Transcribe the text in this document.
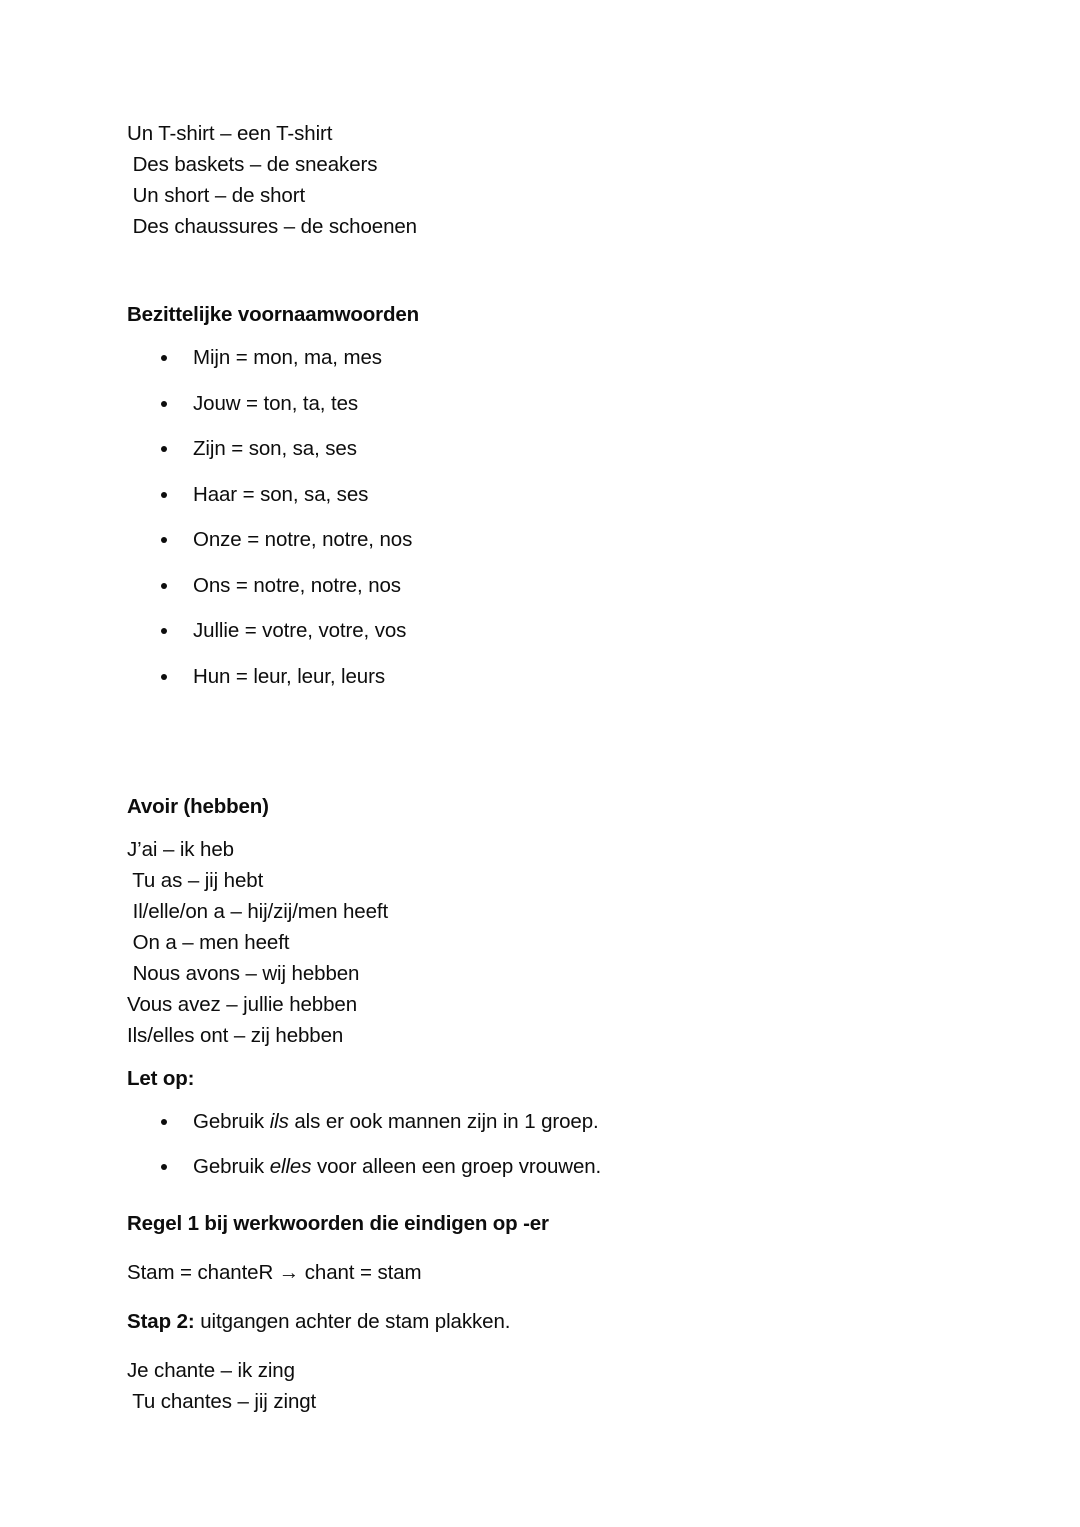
Un T-shirt – een T-shirt
Des baskets – de sneakers
Un short – de short
Des chaussures – de schoenen
Bezittelijke voornaamwoorden
Mijn = mon, ma, mes
Jouw = ton, ta, tes
Zijn = son, sa, ses
Haar = son, sa, ses
Onze = notre, notre, nos
Ons = notre, notre, nos
Jullie = votre, votre, vos
Hun = leur, leur, leurs
Avoir (hebben)
J’ai – ik heb
Tu as – jij hebt
Il/elle/on a – hij/zij/men heeft
On a – men heeft
Nous avons – wij hebben
Vous avez – jullie hebben
Ils/elles ont – zij hebben
Let op:
Gebruik ils als er ook mannen zijn in 1 groep.
Gebruik elles voor alleen een groep vrouwen.
Regel 1 bij werkwoorden die eindigen op -er
Stam = chanteR → chant = stam
Stap 2: uitgangen achter de stam plakken.
Je chante – ik zing
Tu chantes – jij zingt
